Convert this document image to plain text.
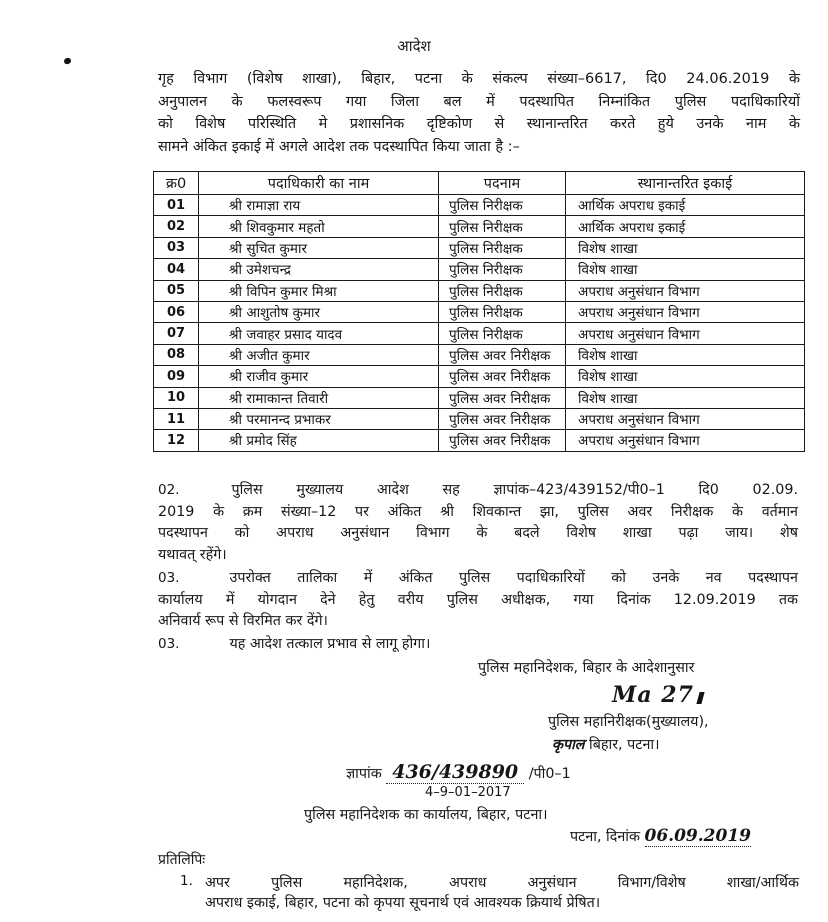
आदेश
गृह विभाग (विशेष शाखा), बिहार, पटना के संकल्प संख्या–6617, दि0 24.06.2019 के
अनुपालन के फलस्वरूप गया जिला बल में पदस्थापित निम्नांकित पुलिस पदाधिकारियों
को विशेष परिस्थिति मे प्रशासनिक दृष्टिकोण से स्थानान्तरित करते हुये उनके नाम के
सामने अंकित इकाई में अगले आदेश तक पदस्थापित किया जाता है :–
क्र0	पदाधिकारी का नाम	पदनाम	स्थानान्तरित इकाई
01	श्री रामाज्ञा राय	पुलिस निरीक्षक	आर्थिक अपराध इकाई
02	श्री शिवकुमार महतो	पुलिस निरीक्षक	आर्थिक अपराध इकाई
03	श्री सुचित कुमार	पुलिस निरीक्षक	विशेष शाखा
04	श्री उमेशचन्द्र	पुलिस निरीक्षक	विशेष शाखा
05	श्री विपिन कुमार मिश्रा	पुलिस निरीक्षक	अपराध अनुसंधान विभाग
06	श्री आशुतोष कुमार	पुलिस निरीक्षक	अपराध अनुसंधान विभाग
07	श्री जवाहर प्रसाद यादव	पुलिस निरीक्षक	अपराध अनुसंधान विभाग
08	श्री अजीत कुमार	पुलिस अवर निरीक्षक	विशेष शाखा
09	श्री राजीव कुमार	पुलिस अवर निरीक्षक	विशेष शाखा
10	श्री रामाकान्त तिवारी	पुलिस अवर निरीक्षक	विशेष शाखा
11	श्री परमानन्द प्रभाकर	पुलिस अवर निरीक्षक	अपराध अनुसंधान विभाग
12	श्री प्रमोद सिंह	पुलिस अवर निरीक्षक	अपराध अनुसंधान विभाग
02.	पुलिस मुख्यालय आदेश सह ज्ञापांक–423/439152/पी0–1 दि0 02.09.
2019 के क्रम संख्या–12 पर अंकित श्री शिवकान्त झा, पुलिस अवर निरीक्षक के वर्तमान
पदस्थापन को अपराध अनुसंधान विभाग के बदले विशेष शाखा पढ़ा जाय। शेष
यथावत् रहेंगे।
03.	उपरोक्त तालिका में अंकित पुलिस पदाधिकारियों को उनके नव पदस्थापन
कार्यालय में योगदान देने हेतु वरीय पुलिस अधीक्षक, गया दिनांक 12.09.2019 तक
अनिवार्य रूप से विरमित कर देंगे।
03.	यह आदेश तत्काल प्रभाव से लागू होगा।
पुलिस महानिदेशक, बिहार के आदेशानुसार
Ma 27
पुलिस महानिरीक्षक(मुख्यालय),
कृपाल बिहार, पटना।
ज्ञापांक 436/439890 /पी0–1
4–9–01–2017
पुलिस महानिदेशक का कार्यालय, बिहार, पटना।
पटना, दिनांक 06.09.2019
प्रतिलिपिः
1. अपर पुलिस महानिदेशक, अपराध अनुसंधान विभाग/विशेष शाखा/आर्थिक
अपराध इकाई, बिहार, पटना को कृपया सूचनार्थ एवं आवश्यक क्रियार्थ प्रेषित।
